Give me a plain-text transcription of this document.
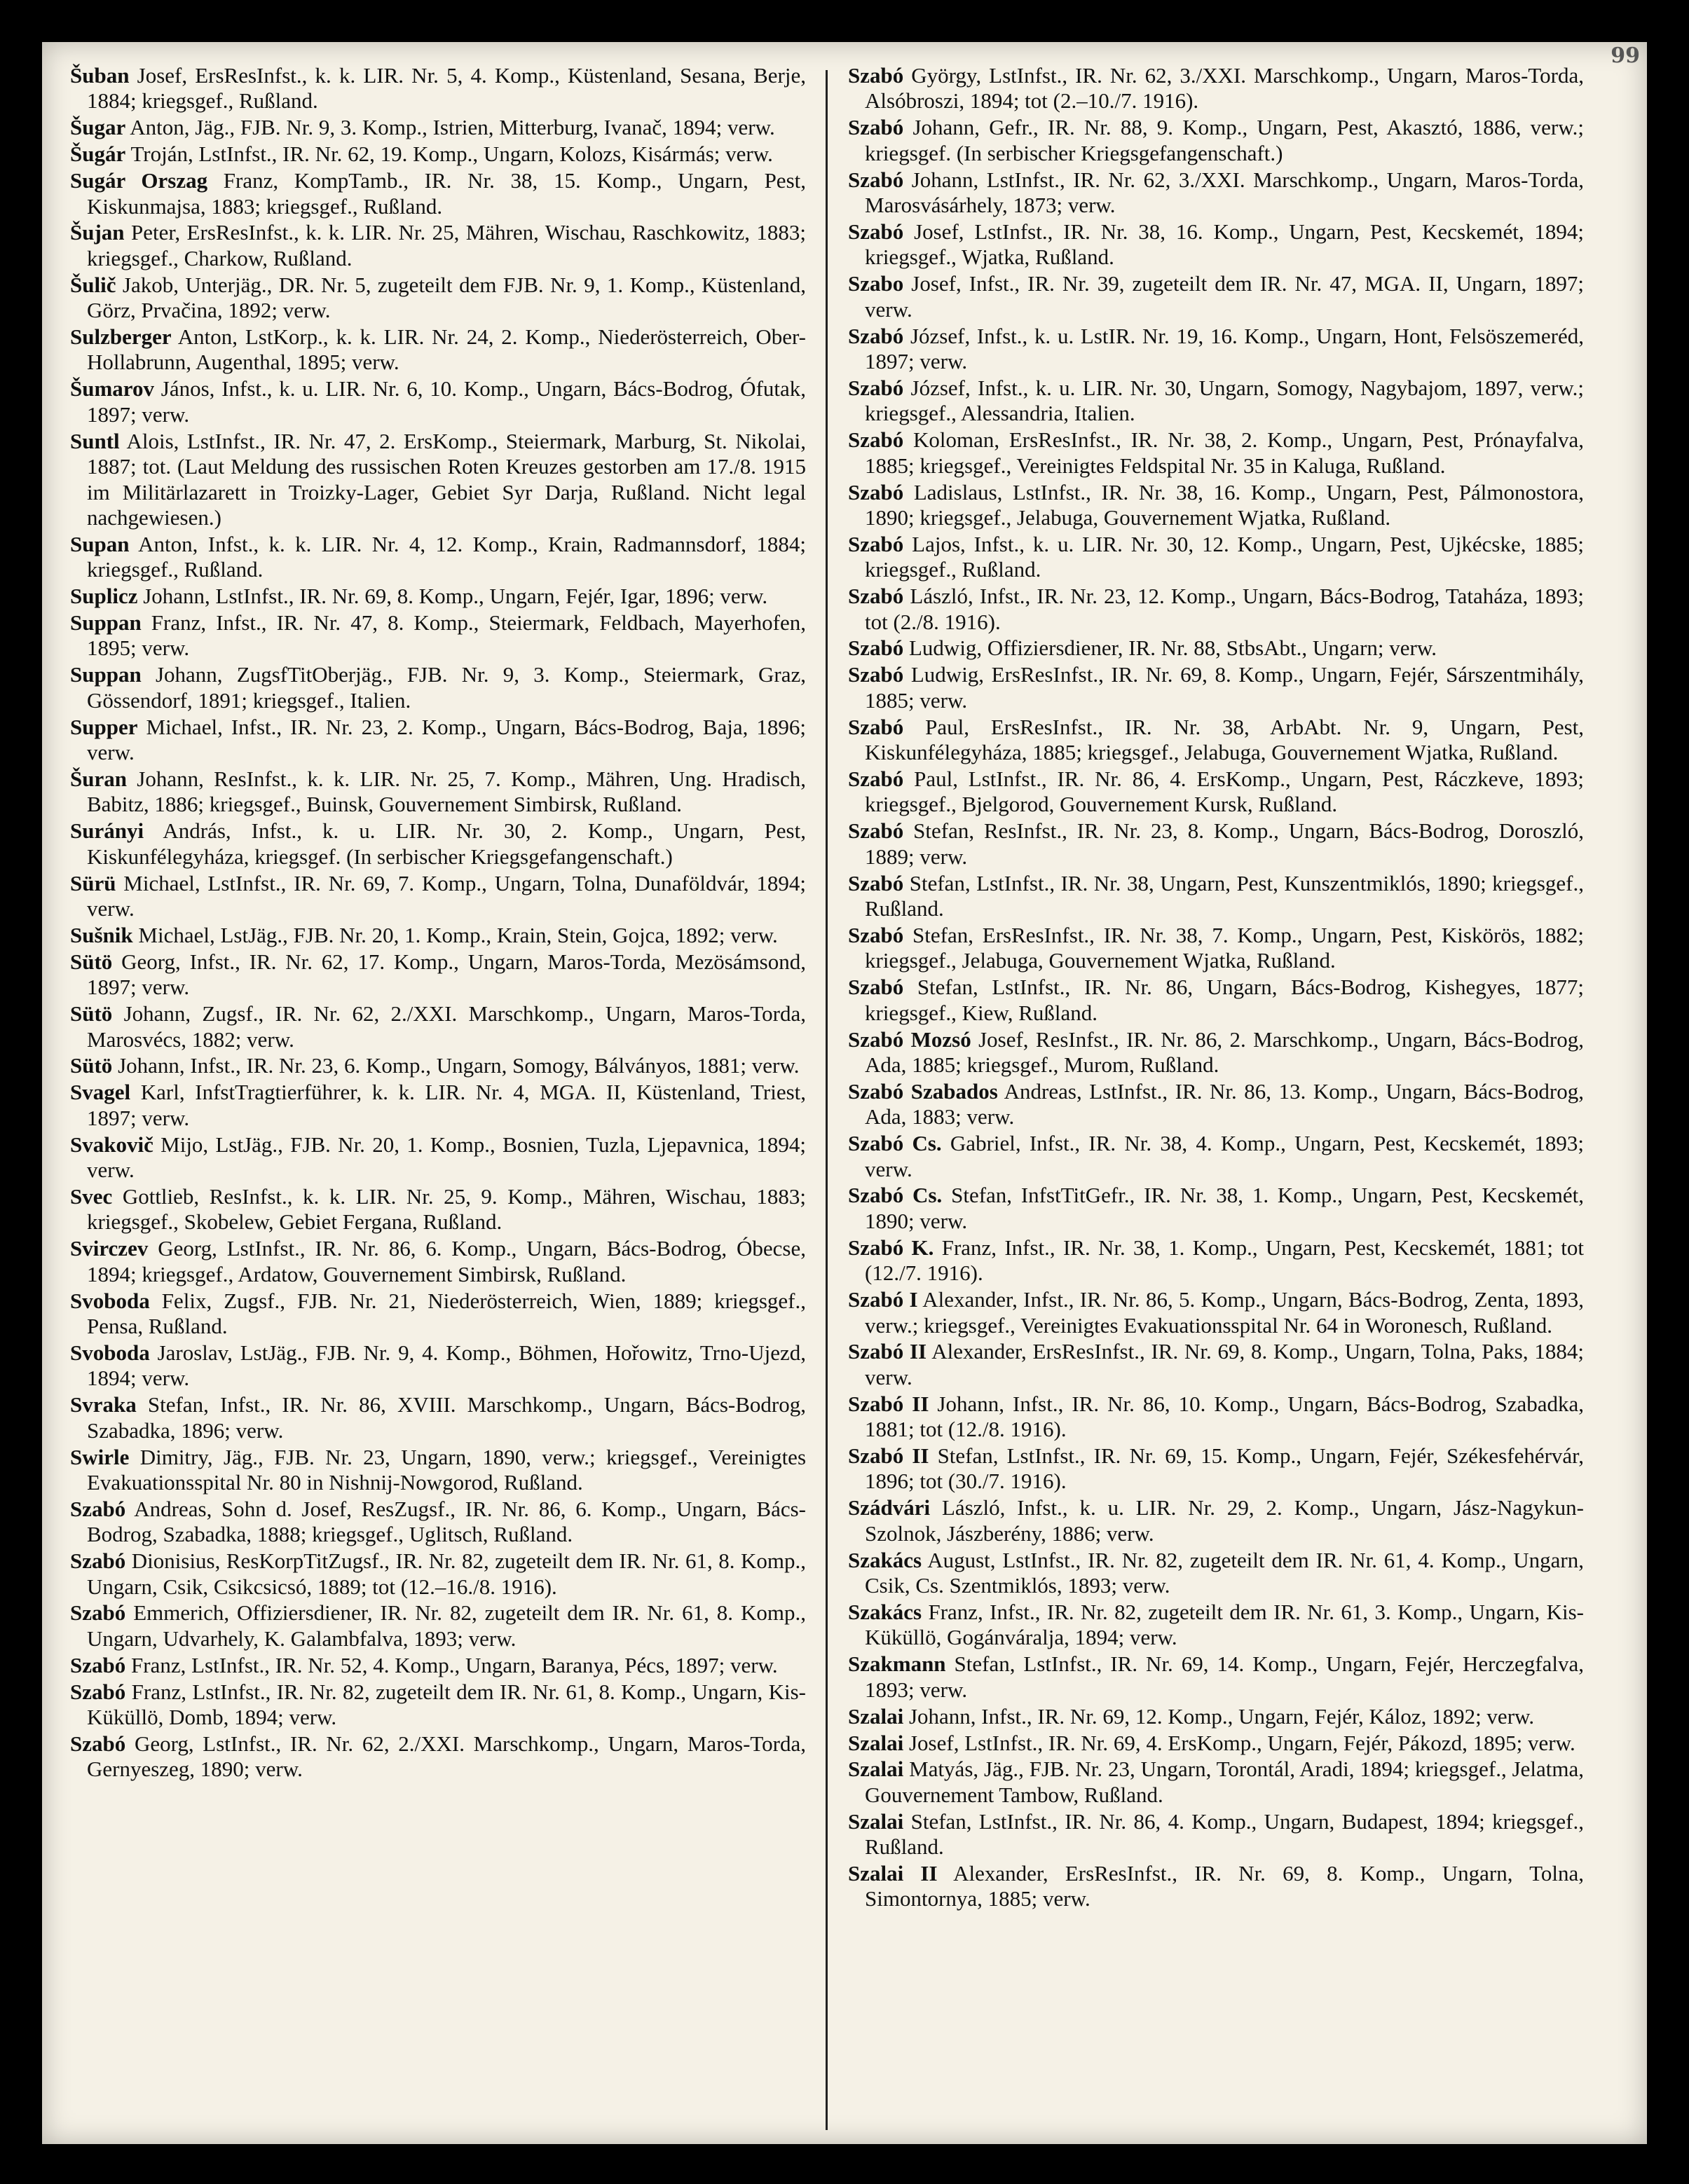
99

Šuban Josef, ErsResInfst., k. k. LIR. Nr. 5, 4. Komp., Küstenland, Sesana, Berje, 1884; kriegsgef., Rußland.

Šugar Anton, Jäg., FJB. Nr. 9, 3. Komp., Istrien, Mitterburg, Ivanač, 1894; verw.

Šugár Troján, LstInfst., IR. Nr. 62, 19. Komp., Ungarn, Kolozs, Kisármás; verw.

Sugár Orszag Franz, KompTamb., IR. Nr. 38, 15. Komp., Ungarn, Pest, Kiskunmajsa, 1883; kriegsgef., Rußland.

Šujan Peter, ErsResInfst., k. k. LIR. Nr. 25, Mähren, Wischau, Raschkowitz, 1883; kriegsgef., Charkow, Rußland.

Šulič Jakob, Unterjäg., DR. Nr. 5, zugeteilt dem FJB. Nr. 9, 1. Komp., Küstenland, Görz, Prvačina, 1892; verw.

Sulzberger Anton, LstKorp., k. k. LIR. Nr. 24, 2. Komp., Niederösterreich, Ober-Hollabrunn, Augenthal, 1895; verw.

Šumarov János, Infst., k. u. LIR. Nr. 6, 10. Komp., Ungarn, Bács-Bodrog, Ófutak, 1897; verw.

Suntl Alois, LstInfst., IR. Nr. 47, 2. ErsKomp., Steiermark, Marburg, St. Nikolai, 1887; tot. (Laut Meldung des russischen Roten Kreuzes gestorben am 17./8. 1915 im Militärlazarett in Troizky-Lager, Gebiet Syr Darja, Rußland. Nicht legal nachgewiesen.)

Supan Anton, Infst., k. k. LIR. Nr. 4, 12. Komp., Krain, Radmannsdorf, 1884; kriegsgef., Rußland.

Suplicz Johann, LstInfst., IR. Nr. 69, 8. Komp., Ungarn, Fejér, Igar, 1896; verw.

Suppan Franz, Infst., IR. Nr. 47, 8. Komp., Steiermark, Feldbach, Mayerhofen, 1895; verw.

Suppan Johann, ZugsfTitOberjäg., FJB. Nr. 9, 3. Komp., Steiermark, Graz, Gössendorf, 1891; kriegsgef., Italien.

Supper Michael, Infst., IR. Nr. 23, 2. Komp., Ungarn, Bács-Bodrog, Baja, 1896; verw.

Šuran Johann, ResInfst., k. k. LIR. Nr. 25, 7. Komp., Mähren, Ung. Hradisch, Babitz, 1886; kriegsgef., Buinsk, Gouvernement Simbirsk, Rußland.

Surányi András, Infst., k. u. LIR. Nr. 30, 2. Komp., Ungarn, Pest, Kiskunfélegyháza, kriegsgef. (In serbischer Kriegsgefangenschaft.)

Sürü Michael, LstInfst., IR. Nr. 69, 7. Komp., Ungarn, Tolna, Dunaföldvár, 1894; verw.

Sušnik Michael, LstJäg., FJB. Nr. 20, 1. Komp., Krain, Stein, Gojca, 1892; verw.

Sütö Georg, Infst., IR. Nr. 62, 17. Komp., Ungarn, Maros-Torda, Mezösámsond, 1897; verw.

Sütö Johann, Zugsf., IR. Nr. 62, 2./XXI. Marschkomp., Ungarn, Maros-Torda, Marosvécs, 1882; verw.

Sütö Johann, Infst., IR. Nr. 23, 6. Komp., Ungarn, Somogy, Bálványos, 1881; verw.

Svagel Karl, InfstTragtierführer, k. k. LIR. Nr. 4, MGA. II, Küstenland, Triest, 1897; verw.

Svakovič Mijo, LstJäg., FJB. Nr. 20, 1. Komp., Bosnien, Tuzla, Ljepavnica, 1894; verw.

Svec Gottlieb, ResInfst., k. k. LIR. Nr. 25, 9. Komp., Mähren, Wischau, 1883; kriegsgef., Skobelew, Gebiet Fergana, Rußland.

Svirczev Georg, LstInfst., IR. Nr. 86, 6. Komp., Ungarn, Bács-Bodrog, Óbecse, 1894; kriegsgef., Ardatow, Gouvernement Simbirsk, Rußland.

Svoboda Felix, Zugsf., FJB. Nr. 21, Niederösterreich, Wien, 1889; kriegsgef., Pensa, Rußland.

Svoboda Jaroslav, LstJäg., FJB. Nr. 9, 4. Komp., Böhmen, Hořowitz, Trno-Ujezd, 1894; verw.

Svraka Stefan, Infst., IR. Nr. 86, XVIII. Marschkomp., Ungarn, Bács-Bodrog, Szabadka, 1896; verw.

Swirle Dimitry, Jäg., FJB. Nr. 23, Ungarn, 1890, verw.; kriegsgef., Vereinigtes Evakuationsspital Nr. 80 in Nishnij-Nowgorod, Rußland.

Szabó Andreas, Sohn d. Josef, ResZugsf., IR. Nr. 86, 6. Komp., Ungarn, Bács-Bodrog, Szabadka, 1888; kriegsgef., Uglitsch, Rußland.

Szabó Dionisius, ResKorpTitZugsf., IR. Nr. 82, zugeteilt dem IR. Nr. 61, 8. Komp., Ungarn, Csik, Csikcsicsó, 1889; tot (12.–16./8. 1916).

Szabó Emmerich, Offiziersdiener, IR. Nr. 82, zugeteilt dem IR. Nr. 61, 8. Komp., Ungarn, Udvarhely, K. Galambfalva, 1893; verw.

Szabó Franz, LstInfst., IR. Nr. 52, 4. Komp., Ungarn, Baranya, Pécs, 1897; verw.

Szabó Franz, LstInfst., IR. Nr. 82, zugeteilt dem IR. Nr. 61, 8. Komp., Ungarn, Kis-Küküllö, Domb, 1894; verw.

Szabó Georg, LstInfst., IR. Nr. 62, 2./XXI. Marschkomp., Ungarn, Maros-Torda, Gernyeszeg, 1890; verw.

Szabó György, LstInfst., IR. Nr. 62, 3./XXI. Marschkomp., Ungarn, Maros-Torda, Alsóbroszi, 1894; tot (2.–10./7. 1916).

Szabó Johann, Gefr., IR. Nr. 88, 9. Komp., Ungarn, Pest, Akasztó, 1886, verw.; kriegsgef. (In serbischer Kriegsgefangenschaft.)

Szabó Johann, LstInfst., IR. Nr. 62, 3./XXI. Marschkomp., Ungarn, Maros-Torda, Marosvásárhely, 1873; verw.

Szabó Josef, LstInfst., IR. Nr. 38, 16. Komp., Ungarn, Pest, Kecskemét, 1894; kriegsgef., Wjatka, Rußland.

Szabo Josef, Infst., IR. Nr. 39, zugeteilt dem IR. Nr. 47, MGA. II, Ungarn, 1897; verw.

Szabó József, Infst., k. u. LstIR. Nr. 19, 16. Komp., Ungarn, Hont, Felsöszemeréd, 1897; verw.

Szabó József, Infst., k. u. LIR. Nr. 30, Ungarn, Somogy, Nagybajom, 1897, verw.; kriegsgef., Alessandria, Italien.

Szabó Koloman, ErsResInfst., IR. Nr. 38, 2. Komp., Ungarn, Pest, Prónayfalva, 1885; kriegsgef., Vereinigtes Feldspital Nr. 35 in Kaluga, Rußland.

Szabó Ladislaus, LstInfst., IR. Nr. 38, 16. Komp., Ungarn, Pest, Pálmonostora, 1890; kriegsgef., Jelabuga, Gouvernement Wjatka, Rußland.

Szabó Lajos, Infst., k. u. LIR. Nr. 30, 12. Komp., Ungarn, Pest, Ujkécske, 1885; kriegsgef., Rußland.

Szabó László, Infst., IR. Nr. 23, 12. Komp., Ungarn, Bács-Bodrog, Tataháza, 1893; tot (2./8. 1916).

Szabó Ludwig, Offiziersdiener, IR. Nr. 88, StbsAbt., Ungarn; verw.

Szabó Ludwig, ErsResInfst., IR. Nr. 69, 8. Komp., Ungarn, Fejér, Sárszentmihály, 1885; verw.

Szabó Paul, ErsResInfst., IR. Nr. 38, ArbAbt. Nr. 9, Ungarn, Pest, Kiskunfélegyháza, 1885; kriegsgef., Jelabuga, Gouvernement Wjatka, Rußland.

Szabó Paul, LstInfst., IR. Nr. 86, 4. ErsKomp., Ungarn, Pest, Ráczkeve, 1893; kriegsgef., Bjelgorod, Gouvernement Kursk, Rußland.

Szabó Stefan, ResInfst., IR. Nr. 23, 8. Komp., Ungarn, Bács-Bodrog, Doroszló, 1889; verw.

Szabó Stefan, LstInfst., IR. Nr. 38, Ungarn, Pest, Kunszentmiklós, 1890; kriegsgef., Rußland.

Szabó Stefan, ErsResInfst., IR. Nr. 38, 7. Komp., Ungarn, Pest, Kiskörös, 1882; kriegsgef., Jelabuga, Gouvernement Wjatka, Rußland.

Szabó Stefan, LstInfst., IR. Nr. 86, Ungarn, Bács-Bodrog, Kishegyes, 1877; kriegsgef., Kiew, Rußland.

Szabó Mozsó Josef, ResInfst., IR. Nr. 86, 2. Marschkomp., Ungarn, Bács-Bodrog, Ada, 1885; kriegsgef., Murom, Rußland.

Szabó Szabados Andreas, LstInfst., IR. Nr. 86, 13. Komp., Ungarn, Bács-Bodrog, Ada, 1883; verw.

Szabó Cs. Gabriel, Infst., IR. Nr. 38, 4. Komp., Ungarn, Pest, Kecskemét, 1893; verw.

Szabó Cs. Stefan, InfstTitGefr., IR. Nr. 38, 1. Komp., Ungarn, Pest, Kecskemét, 1890; verw.

Szabó K. Franz, Infst., IR. Nr. 38, 1. Komp., Ungarn, Pest, Kecskemét, 1881; tot (12./7. 1916).

Szabó I Alexander, Infst., IR. Nr. 86, 5. Komp., Ungarn, Bács-Bodrog, Zenta, 1893, verw.; kriegsgef., Vereinigtes Evakuationsspital Nr. 64 in Woronesch, Rußland.

Szabó II Alexander, ErsResInfst., IR. Nr. 69, 8. Komp., Ungarn, Tolna, Paks, 1884; verw.

Szabó II Johann, Infst., IR. Nr. 86, 10. Komp., Ungarn, Bács-Bodrog, Szabadka, 1881; tot (12./8. 1916).

Szabó II Stefan, LstInfst., IR. Nr. 69, 15. Komp., Ungarn, Fejér, Székesfehérvár, 1896; tot (30./7. 1916).

Szádvári László, Infst., k. u. LIR. Nr. 29, 2. Komp., Ungarn, Jász-Nagykun-Szolnok, Jászberény, 1886; verw.

Szakács August, LstInfst., IR. Nr. 82, zugeteilt dem IR. Nr. 61, 4. Komp., Ungarn, Csik, Cs. Szentmiklós, 1893; verw.

Szakács Franz, Infst., IR. Nr. 82, zugeteilt dem IR. Nr. 61, 3. Komp., Ungarn, Kis-Küküllö, Gogánváralja, 1894; verw.

Szakmann Stefan, LstInfst., IR. Nr. 69, 14. Komp., Ungarn, Fejér, Herczegfalva, 1893; verw.

Szalai Johann, Infst., IR. Nr. 69, 12. Komp., Ungarn, Fejér, Káloz, 1892; verw.

Szalai Josef, LstInfst., IR. Nr. 69, 4. ErsKomp., Ungarn, Fejér, Pákozd, 1895; verw.

Szalai Matyás, Jäg., FJB. Nr. 23, Ungarn, Torontál, Aradi, 1894; kriegsgef., Jelatma, Gouvernement Tambow, Rußland.

Szalai Stefan, LstInfst., IR. Nr. 86, 4. Komp., Ungarn, Budapest, 1894; kriegsgef., Rußland.

Szalai II Alexander, ErsResInfst., IR. Nr. 69, 8. Komp., Ungarn, Tolna, Simontornya, 1885; verw.
